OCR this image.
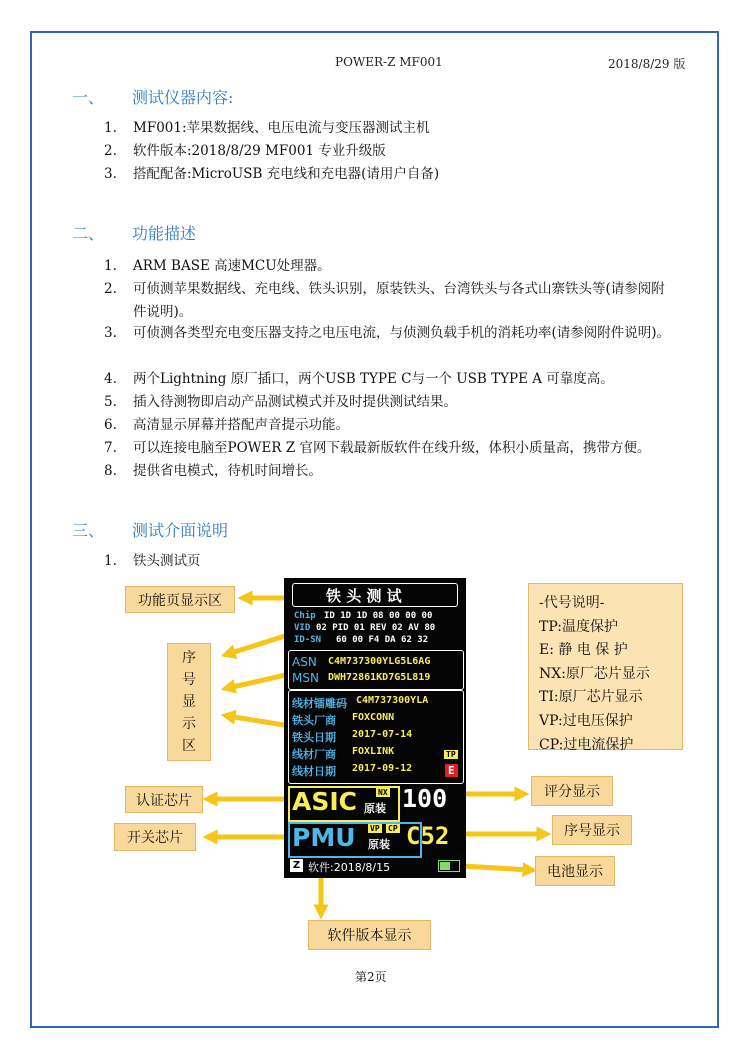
POWER-Z MF001	2018/8/29 版
一、 测试仪器内容:
1. MF001:苹果数据线、电压电流与变压器测试主机
2. 软件版本:2018/8/29 MF001 专业升级版
3. 搭配配备:MicroUSB 充电线和充电器(请用户自备)
二、 功能描述
1. ARM BASE 高速MCU处理器。
2. 可侦测苹果数据线、充电线、铁头识别，原装铁头、台湾铁头与各式山寨铁头等(请参阅附件说明)。
3. 可侦测各类型充电变压器支持之电压电流，与侦测负载手机的消耗功率(请参阅附件说明)。
4. 两个Lightning 原厂插口，两个USB TYPE C与一个 USB TYPE A 可靠度高。
5. 插入待测物即启动产品测试模式并及时提供测试结果。
6. 高清显示屏幕并搭配声音提示功能。
7. 可以连接电脑至POWER Z 官网下载最新版软件在线升级，体积小质量高，携带方便。
8. 提供省电模式，待机时间增长。
三、 测试介面说明
1. 铁头测试页
功能页显示区
序
号
显
示
区
认证芯片
开关芯片
评分显示
序号显示
电池显示
软件版本显示
-代号说明-
TP:温度保护
E: 静 电 保 护
NX:原厂芯片显示
TI:原厂芯片显示
VP:过电压保护
CP:过电流保护
铁 头 测 试
Chip ID 1D 1D 08 00 00 00
VID 02 PID 01 REV 02 AV 80
ID-SN 60 00 F4 DA 62 32
ASN C4M737300YLG5L6AG
MSN DWH72861KD7G5L819
线材镭雕码 C4M737300YLA
铁头厂商 FOXCONN
铁头日期 2017-07-14
线材厂商 FOXLINK
线材日期 2017-09-12
TP
E
ASIC	NX
原装 100
PMU VP CP
原装 C52
Z 软件:2018/8/15
第2页
